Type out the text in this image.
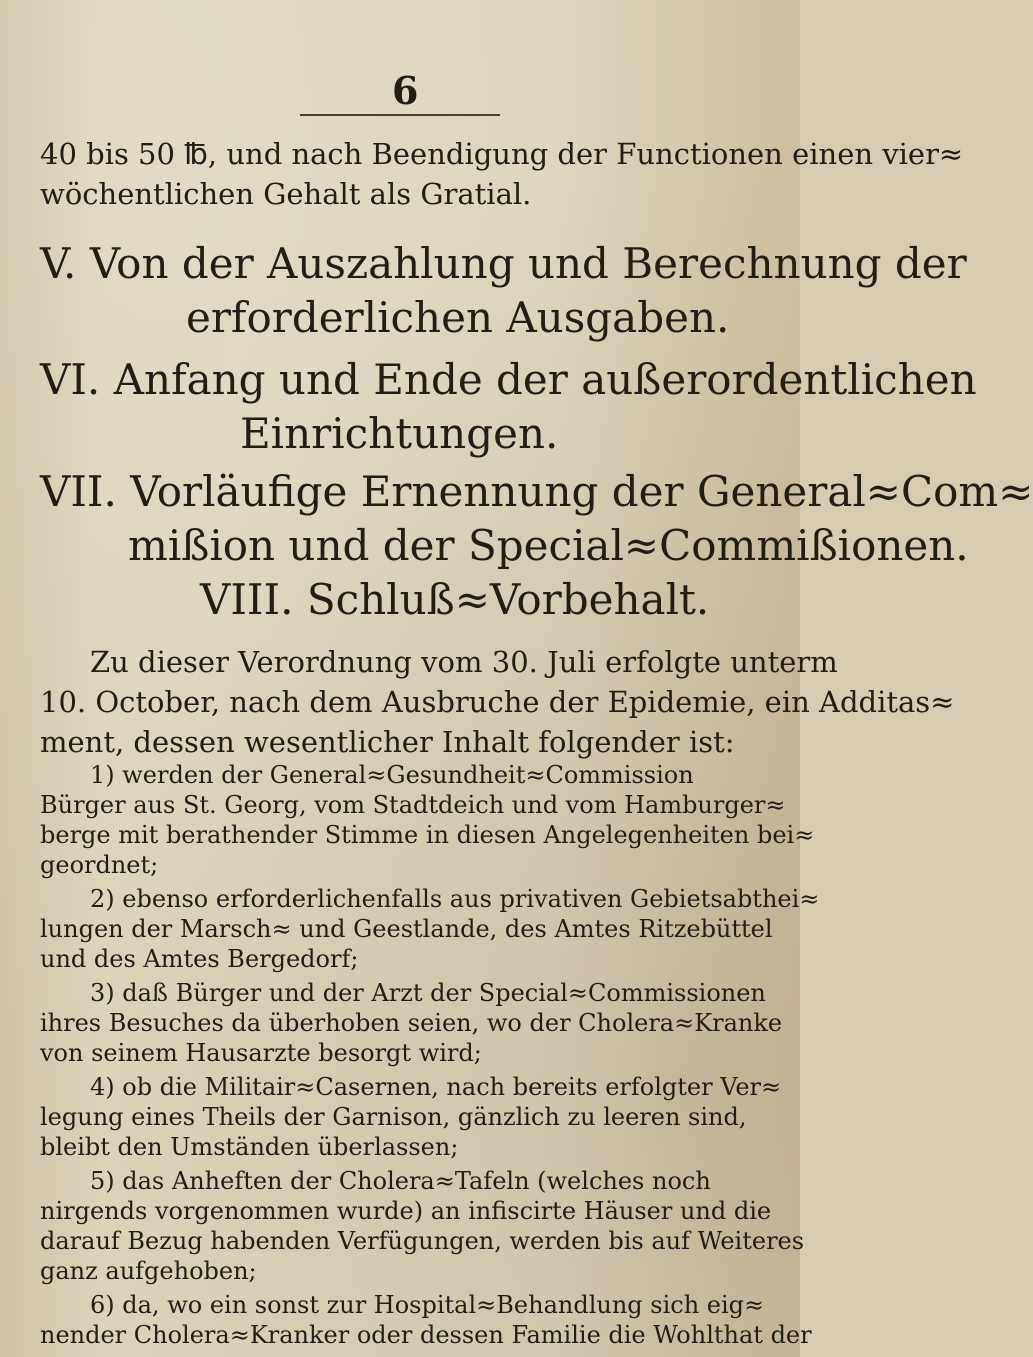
6
40 bis 50 ℔, und nach Beendigung der Functionen einen vier≈
wöchentlichen Gehalt als Gratial.
V. Von der Auszahlung und Berechnung der
erforderlichen Ausgaben.
VI. Anfang und Ende der außerordentlichen
Einrichtungen.
VII. Vorläufige Ernennung der General≈Com≈
mißion und der Special≈Commißionen.
VIII. Schluß≈Vorbehalt.
Zu dieser Verordnung vom 30. Juli erfolgte unterm
10. October, nach dem Ausbruche der Epidemie, ein Additas≈
ment, dessen wesentlicher Inhalt folgender ist:
1) werden der General≈Gesundheit≈Commission
Bürger aus St. Georg, vom Stadtdeich und vom Hamburger≈
berge mit berathender Stimme in diesen Angelegenheiten bei≈
geordnet;
2) ebenso erforderlichenfalls aus privativen Gebietsabthei≈
lungen der Marsch≈ und Geestlande, des Amtes Ritzebüttel
und des Amtes Bergedorf;
3) daß Bürger und der Arzt der Special≈Commissionen
ihres Besuches da überhoben seien, wo der Cholera≈Kranke
von seinem Hausarzte besorgt wird;
4) ob die Militair≈Casernen, nach bereits erfolgter Ver≈
legung eines Theils der Garnison, gänzlich zu leeren sind,
bleibt den Umständen überlassen;
5) das Anheften der Cholera≈Tafeln (welches noch
nirgends vorgenommen wurde) an infiscirte Häuser und die
darauf Bezug habenden Verfügungen, werden bis auf Weiteres
ganz aufgehoben;
6) da, wo ein sonst zur Hospital≈Behandlung sich eig≈
nender Cholera≈Kranker oder dessen Familie die Wohlthat der
